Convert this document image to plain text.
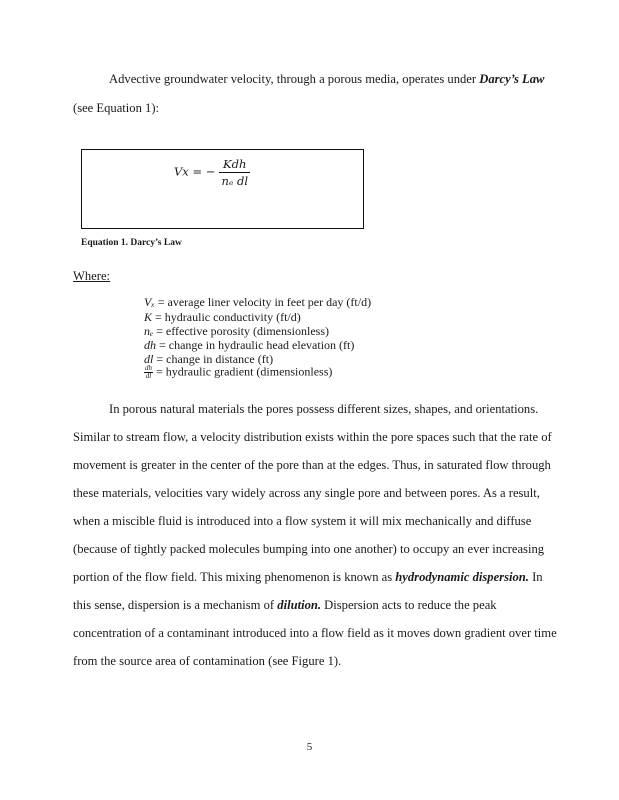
Advective groundwater velocity, through a porous media, operates under Darcy’s Law
(see Equation 1):
Vx = − $\frac{\text{Kdh}}{\text{nₑ dl}}$
Equation 1. Darcy’s Law
Where:
Vₓ = average liner velocity in feet per day (ft/d)
K = hydraulic conductivity (ft/d)
nₑ = effective porosity (dimensionless)
dh = change in hydraulic head elevation (ft)
dl = change in distance (ft)
$\frac{dh}{dl}$ = hydraulic gradient (dimensionless)
In porous natural materials the pores possess different sizes, shapes, and orientations.
Similar to stream flow, a velocity distribution exists within the pore spaces such that the rate of
movement is greater in the center of the pore than at the edges. Thus, in saturated flow through
these materials, velocities vary widely across any single pore and between pores. As a result,
when a miscible fluid is introduced into a flow system it will mix mechanically and diffuse
(because of tightly packed molecules bumping into one another) to occupy an ever increasing
portion of the flow field. This mixing phenomenon is known as hydrodynamic dispersion. In
this sense, dispersion is a mechanism of dilution. Dispersion acts to reduce the peak
concentration of a contaminant introduced into a flow field as it moves down gradient over time
from the source area of contamination (see Figure 1).
5
